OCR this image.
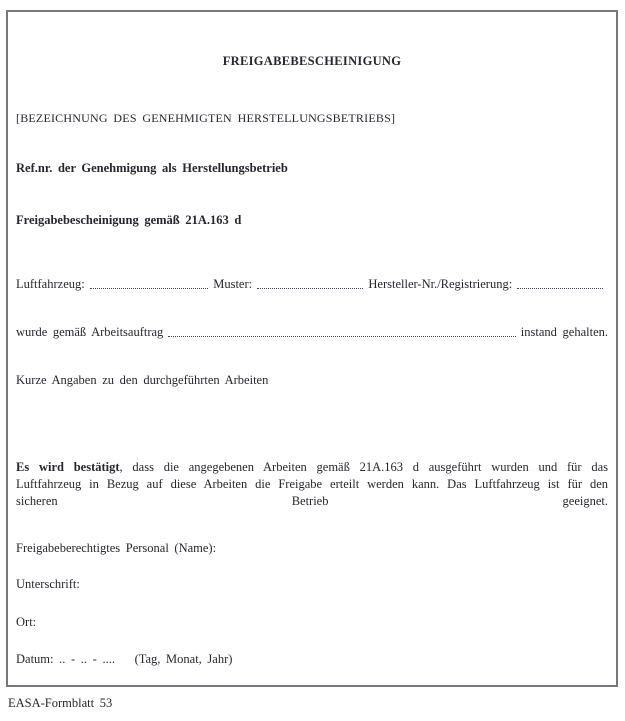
FREIGABEBESCHEINIGUNG
[BEZEICHNUNG DES GENEHMIGTEN HERSTELLUNGSBETRIEBS]
Ref.nr. der Genehmigung als Herstellungsbetrieb
Freigabebescheinigung gemäß 21A.163 d
Luftfahrzeug:	Muster:	Hersteller-Nr./Registrierung:
wurde gemäß Arbeitsauftrag	instand gehalten.
Kurze Angaben zu den durchgeführten Arbeiten
Es wird bestätigt, dass die angegebenen Arbeiten gemäß 21A.163 d ausgeführt wurden und für das Luftfahrzeug in Bezug auf diese Arbeiten die Freigabe erteilt werden kann. Das Luftfahrzeug ist für den sicheren Betrieb geeignet.
Freigabeberechtigtes Personal (Name):
Unterschrift:
Ort:
Datum: .. - .. - .... (Tag, Monat, Jahr)
EASA-Formblatt 53
